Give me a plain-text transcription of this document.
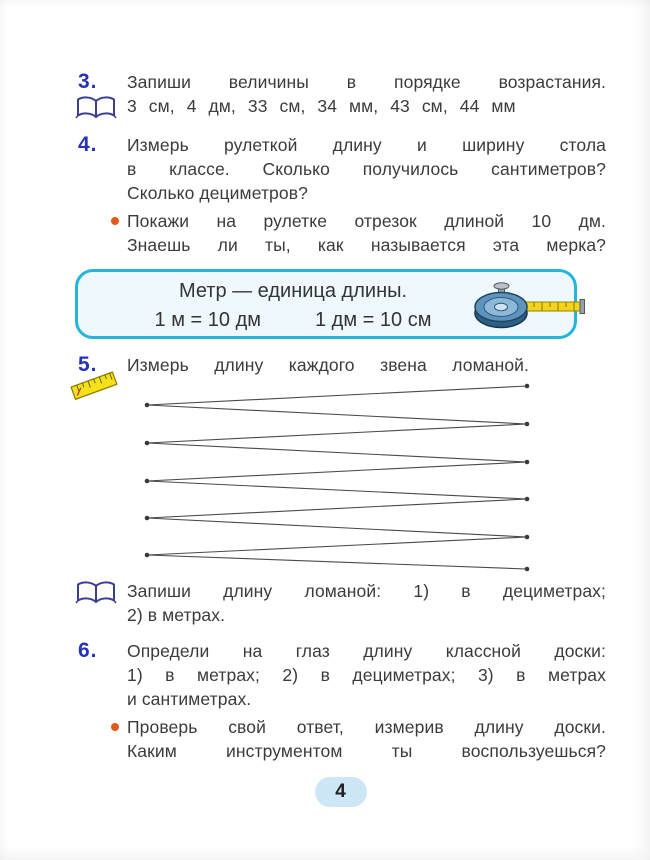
3.	Запиши величины в порядке возрастания.
3 см, 4 дм, 33 см, 34 мм, 43 см, 44 мм
4.	Измерь рулеткой длину и ширину стола
в классе. Сколько получилось сантиметров?
Сколько дециметров?
Покажи на рулетке отрезок длиной 10 дм.
Знаешь ли ты, как называется эта мерка?
Метр — единица длины.
1 м = 10 дм	1 дм = 10 см
5.	Измерь длину каждого звена ломаной.
Запиши длину ломаной: 1) в дециметрах;
2) в метрах.
6.	Определи на глаз длину классной доски:
1) в метрах; 2) в дециметрах; 3) в метрах
и сантиметрах.
Проверь свой ответ, измерив длину доски.
Каким инструментом ты воспользуешься?
4
